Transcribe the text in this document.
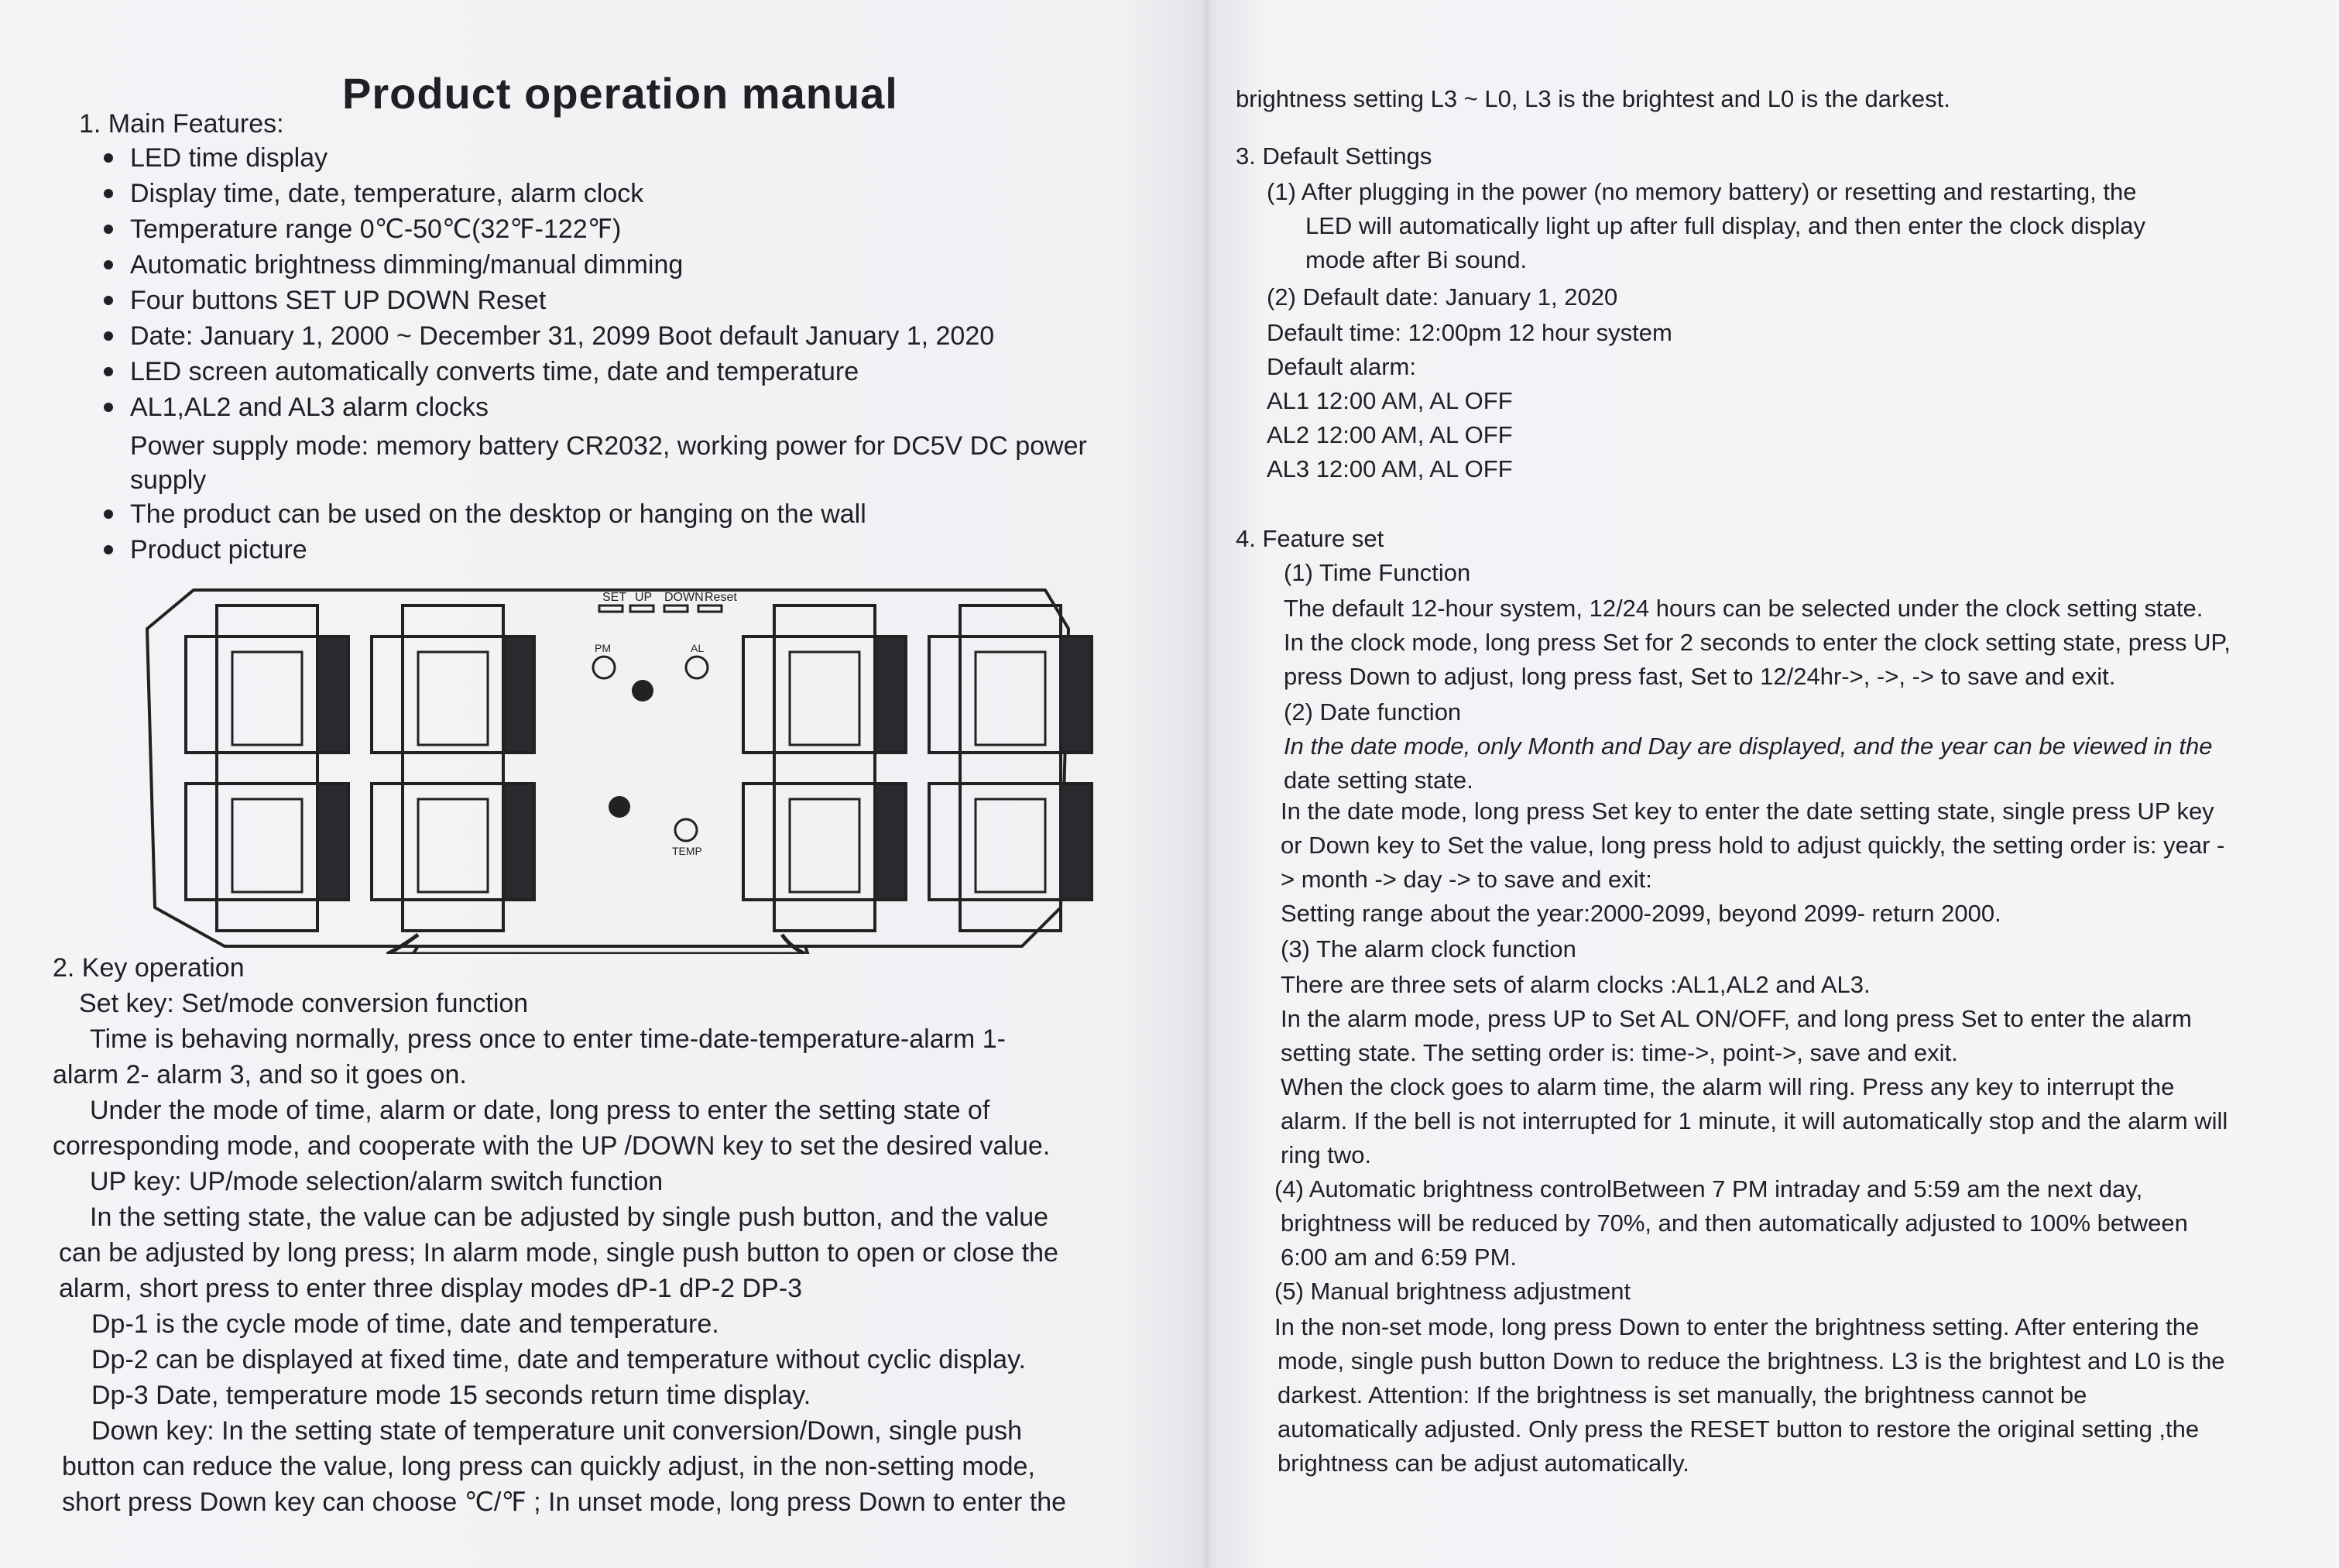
Product operation manual
1. Main Features:
LED time display
Display time, date, temperature, alarm clock
Temperature range 0℃-50℃(32℉-122℉)
Automatic brightness dimming/manual dimming
Four buttons SET UP DOWN Reset
Date: January 1, 2000 ~ December 31, 2099 Boot default January 1, 2020
LED screen automatically converts time, date and temperature
AL1,AL2 and AL3 alarm clocks
Power supply mode: memory battery CR2032, working power for DC5V DC power
supply
The product can be used on the desktop or hanging on the wall
Product picture
SET UP DOWN Reset
PM	AL
TEMP
2. Key operation
Set key: Set/mode conversion function
Time is behaving normally, press once to enter time-date-temperature-alarm 1-
alarm 2- alarm 3, and so it goes on.
Under the mode of time, alarm or date, long press to enter the setting state of
corresponding mode, and cooperate with the UP /DOWN key to set the desired value.
UP key: UP/mode selection/alarm switch function
In the setting state, the value can be adjusted by single push button, and the value
can be adjusted by long press; In alarm mode, single push button to open or close the
alarm, short press to enter three display modes dP-1 dP-2 DP-3
Dp-1 is the cycle mode of time, date and temperature.
Dp-2 can be displayed at fixed time, date and temperature without cyclic display.
Dp-3 Date, temperature mode 15 seconds return time display.
Down key: In the setting state of temperature unit conversion/Down, single push
button can reduce the value, long press can quickly adjust, in the non-setting mode,
short press Down key can choose ℃/℉ ; In unset mode, long press Down to enter the
brightness setting L3 ~ L0, L3 is the brightest and L0 is the darkest.
3. Default Settings
(1) After plugging in the power (no memory battery) or resetting and restarting, the
LED will automatically light up after full display, and then enter the clock display
mode after Bi sound.
(2) Default date: January 1, 2020
Default time: 12:00pm 12 hour system
Default alarm:
AL1 12:00 AM, AL OFF
AL2 12:00 AM, AL OFF
AL3 12:00 AM, AL OFF
4. Feature set
(1) Time Function
The default 12-hour system, 12/24 hours can be selected under the clock setting state.
In the clock mode, long press Set for 2 seconds to enter the clock setting state, press UP,
press Down to adjust, long press fast, Set to 12/24hr->, ->, -> to save and exit.
(2) Date function
In the date mode, only Month and Day are displayed, and the year can be viewed in the
date setting state.
In the date mode, long press Set key to enter the date setting state, single press UP key
or Down key to Set the value, long press hold to adjust quickly, the setting order is: year -
> month -> day -> to save and exit:
Setting range about the year:2000-2099, beyond 2099- return 2000.
(3) The alarm clock function
There are three sets of alarm clocks :AL1,AL2 and AL3.
In the alarm mode, press UP to Set AL ON/OFF, and long press Set to enter the alarm
setting state. The setting order is: time->, point->, save and exit.
When the clock goes to alarm time, the alarm will ring. Press any key to interrupt the
alarm. If the bell is not interrupted for 1 minute, it will automatically stop and the alarm will
ring two.
(4) Automatic brightness controlBetween 7 PM intraday and 5:59 am the next day,
brightness will be reduced by 70%, and then automatically adjusted to 100% between
6:00 am and 6:59 PM.
(5) Manual brightness adjustment
In the non-set mode, long press Down to enter the brightness setting. After entering the
mode, single push button Down to reduce the brightness. L3 is the brightest and L0 is the
darkest. Attention: If the brightness is set manually, the brightness cannot be
automatically adjusted. Only press the RESET button to restore the original setting ,the
brightness can be adjust automatically.
